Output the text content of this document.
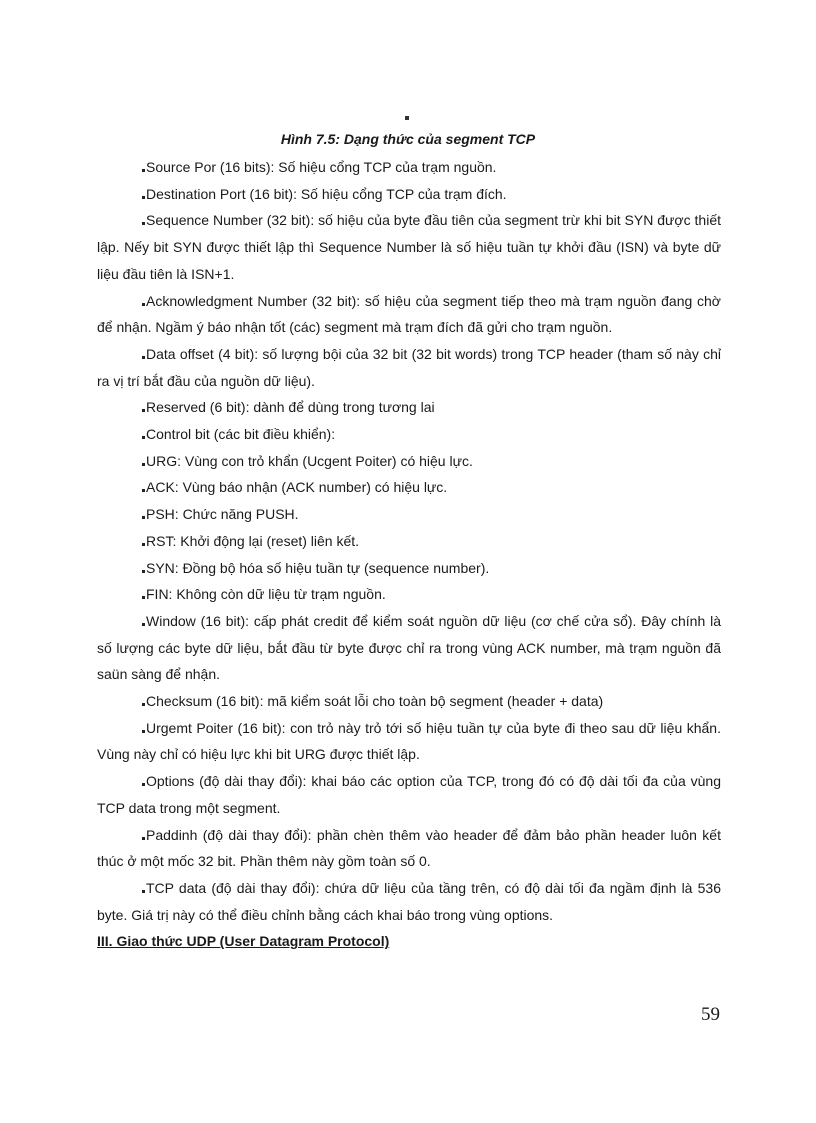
Hình 7.5: Dạng thức của segment TCP

Source Por (16 bits): Số hiệu cổng TCP của trạm nguồn.

Destination Port (16 bit): Số hiệu cổng TCP của trạm đích.

Sequence Number (32 bit): số hiệu của byte đầu tiên của segment trừ khi bit SYN được thiết lập. Nếy bit SYN được thiết lập thì Sequence Number là số hiệu tuần tự khởi đầu (ISN) và byte dữ liệu đầu tiên là ISN+1.

Acknowledgment Number (32 bit): số hiệu của segment tiếp theo mà trạm nguồn đang chờ để nhận. Ngầm ý báo nhận tốt (các) segment mà trạm đích đã gửi cho trạm nguồn.

Data offset (4 bit): số lượng bội của 32 bit (32 bit words) trong TCP header (tham số này chỉ ra vị trí bắt đầu của nguồn dữ liệu).

Reserved (6 bit): dành để dùng trong tương lai

Control bit (các bit điều khiển):

URG: Vùng con trỏ khẩn (Ucgent Poiter) có hiệu lực.

ACK: Vùng báo nhận (ACK number) có hiệu lực.

PSH: Chức năng PUSH.

RST: Khởi động lại (reset) liên kết.

SYN: Đồng bộ hóa số hiệu tuần tự (sequence number).

FIN: Không còn dữ liệu từ trạm nguồn.

Window (16 bit): cấp phát credit để kiểm soát nguồn dữ liệu (cơ chế cửa sổ). Đây chính là số lượng các byte dữ liệu, bắt đầu từ byte được chỉ ra trong vùng ACK number, mà trạm nguồn đã saün sàng để nhận.

Checksum (16 bit): mã kiểm soát lỗi cho toàn bộ segment (header + data)

Urgemt Poiter (16 bit): con trỏ này trỏ tới số hiệu tuần tự của byte đi theo sau dữ liệu khẩn. Vùng này chỉ có hiệu lực khi bit URG được thiết lập.

Options (độ dài thay đổi): khai báo các option của TCP, trong đó có độ dài tối đa của vùng TCP data trong một segment.

Paddinh (độ dài thay đổi): phần chèn thêm vào header để đảm bảo phần header luôn kết thúc ở một mốc 32 bit. Phần thêm này gồm toàn số 0.

TCP data (độ dài thay đổi): chứa dữ liệu của tầng trên, có độ dài tối đa ngầm định là 536 byte. Giá trị này có thể điều chỉnh bằng cách khai báo trong vùng options.

III. Giao thức UDP (User Datagram Protocol)

59
